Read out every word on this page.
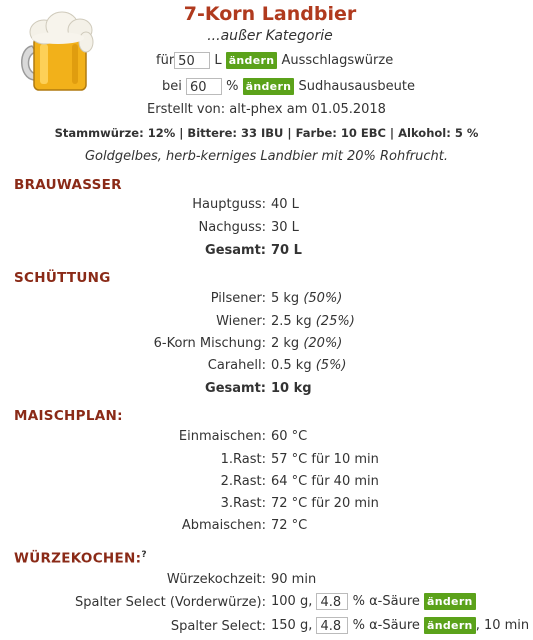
7-Korn Landbier
...außer Kategorie
für 50 L ändern Ausschlagswürze
bei 60 % ändern Sudhausausbeute
Erstellt von: alt-phex am 01.05.2018
Stammwürze: 12% | Bittere: 33 IBU | Farbe: 10 EBC | Alkohol: 5 %
Goldgelbes, herb-kerniges Landbier mit 20% Rohfrucht.
BRAUWASSER
Hauptguss: 40 L
Nachguss: 30 L
Gesamt: 70 L
SCHÜTTUNG
Pilsener: 5 kg (50%)
Wiener: 2.5 kg (25%)
6-Korn Mischung: 2 kg (20%)
Carahell: 0.5 kg (5%)
Gesamt: 10 kg
MAISCHPLAN:
Einmaischen: 60 °C
1.Rast: 57 °C für 10 min
2.Rast: 64 °C für 40 min
3.Rast: 72 °C für 20 min
Abmaischen: 72 °C
WÜRZEKOCHEN:?
Würzekochzeit: 90 min
Spalter Select (Vorderwürze): 100 g, 4.8 % α-Säure ändern
Spalter Select: 150 g, 4.8 % α-Säure ändern , 10 min
